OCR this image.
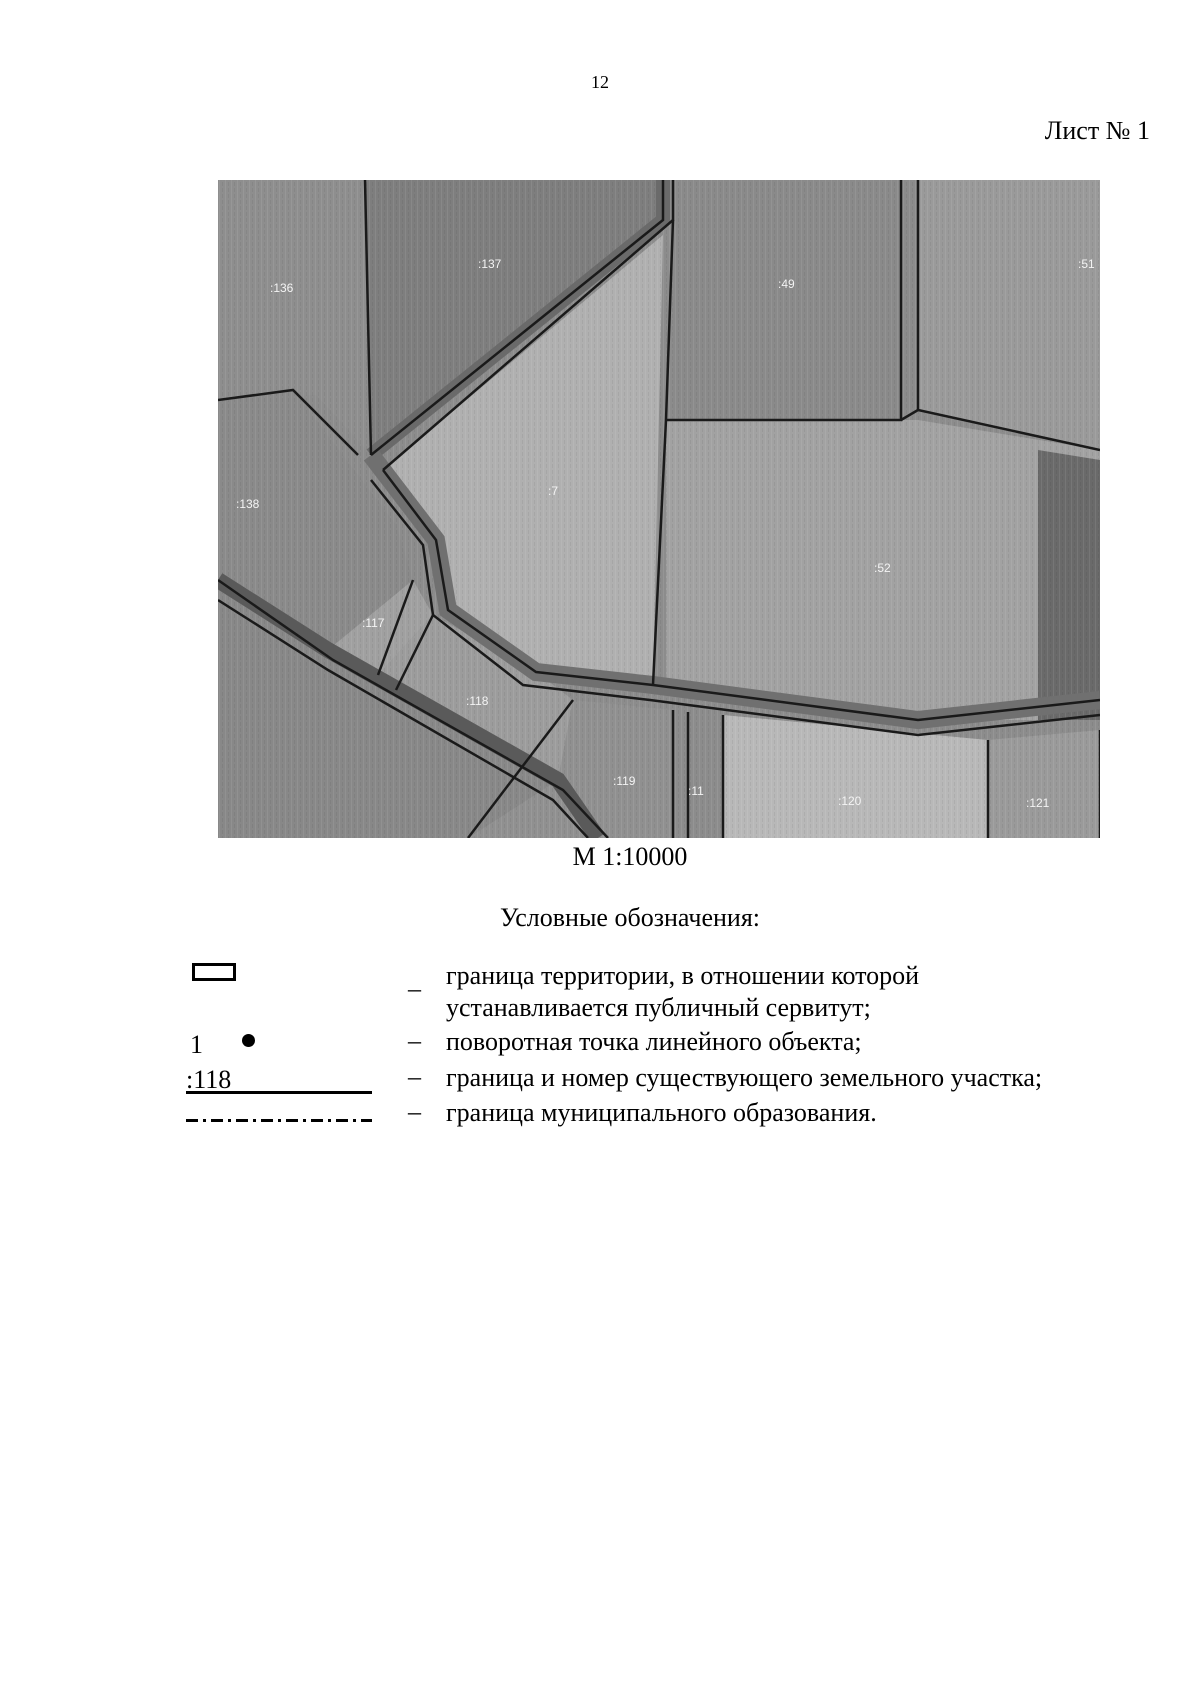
12
Лист № 1
:136
:137
:49
:51
:138
:7
:52
:117
:118
:119
:11
:120	:121
М 1:10000
Условные обозначения:
1
:118
– граница территории, в отношении которой
устанавливается публичный сервитут;
– поворотная точка линейного объекта;
– граница и номер существующего земельного участка;
– граница муниципального образования.
